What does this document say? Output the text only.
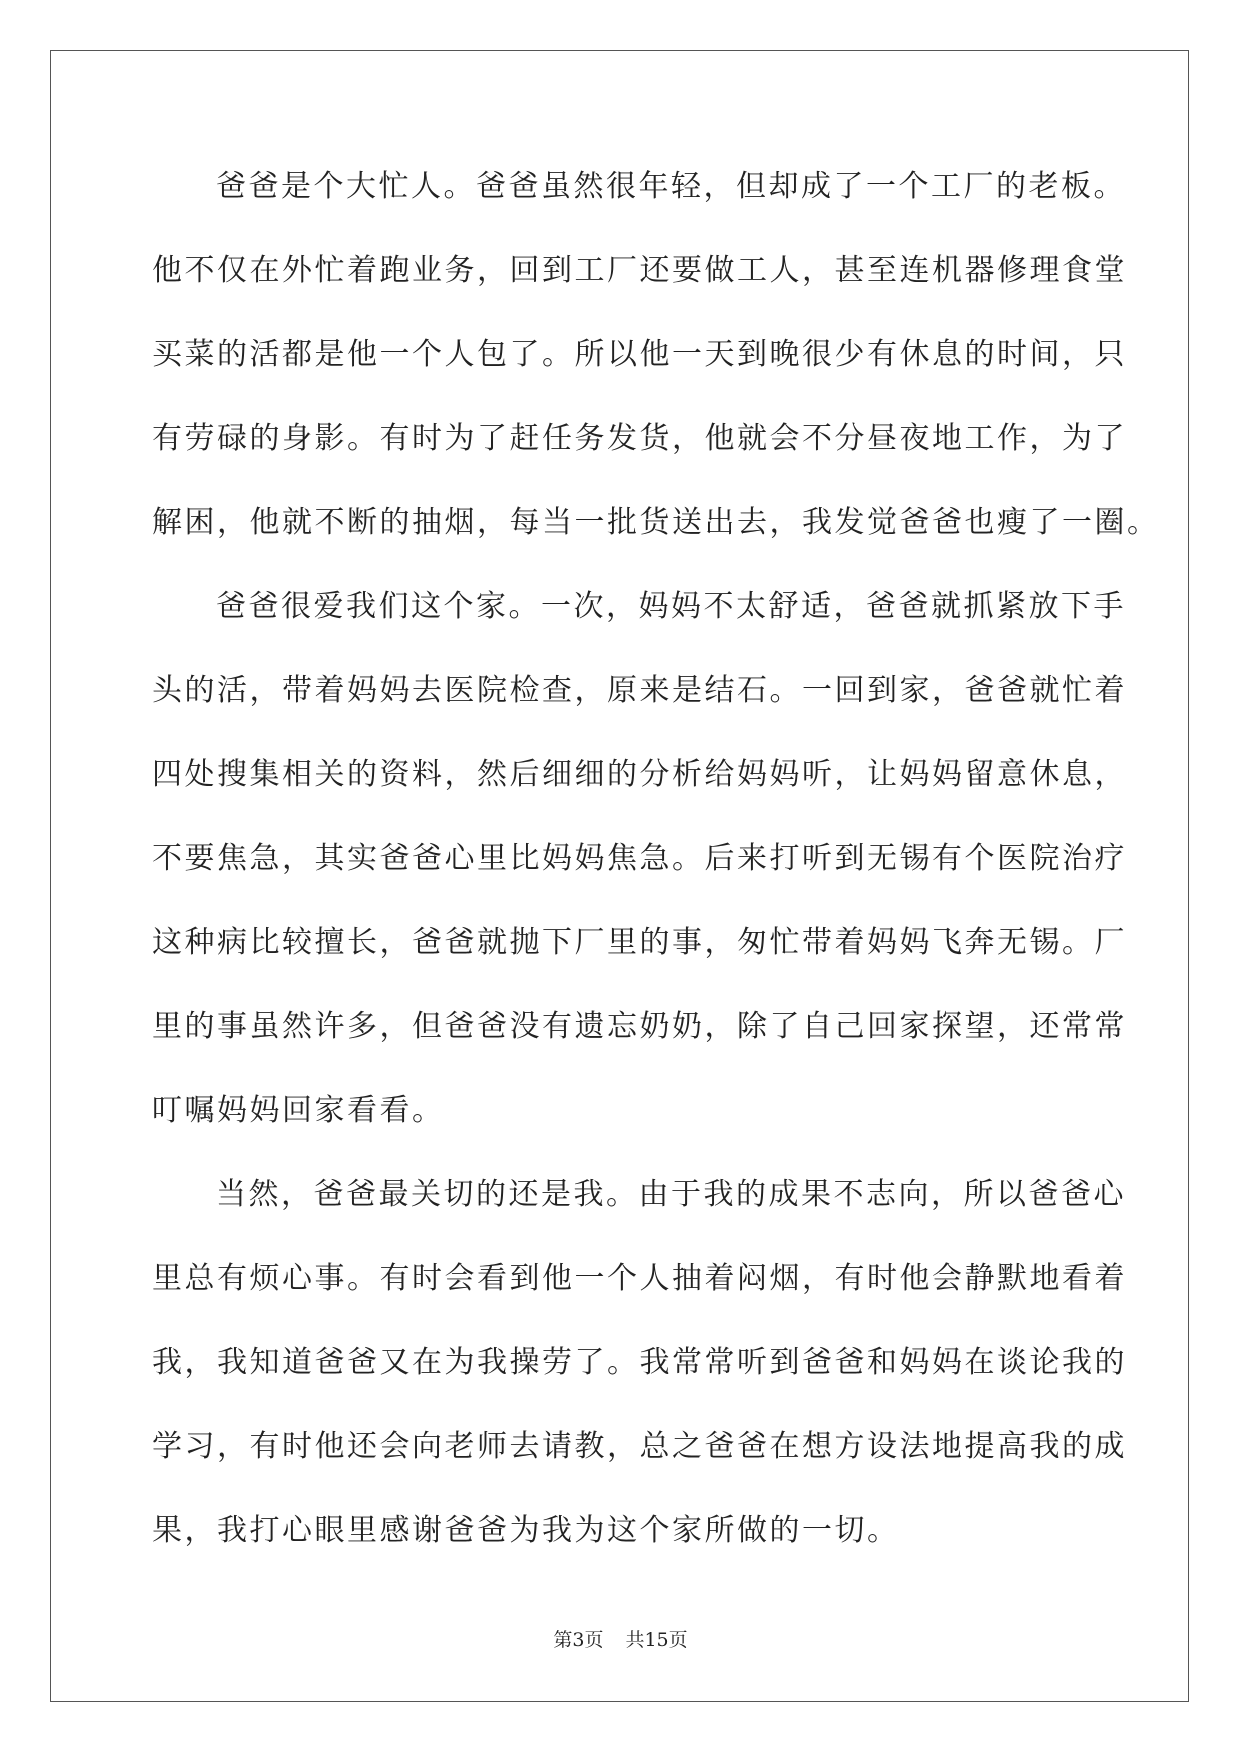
爸爸是个大忙人。爸爸虽然很年轻，但却成了一个工厂的老板。
他不仅在外忙着跑业务，回到工厂还要做工人，甚至连机器修理食堂
买菜的活都是他一个人包了。所以他一天到晚很少有休息的时间，只
有劳碌的身影。有时为了赶任务发货，他就会不分昼夜地工作，为了
解困，他就不断的抽烟，每当一批货送出去，我发觉爸爸也瘦了一圈。
爸爸很爱我们这个家。一次，妈妈不太舒适，爸爸就抓紧放下手
头的活，带着妈妈去医院检查，原来是结石。一回到家，爸爸就忙着
四处搜集相关的资料，然后细细的分析给妈妈听，让妈妈留意休息，
不要焦急，其实爸爸心里比妈妈焦急。后来打听到无锡有个医院治疗
这种病比较擅长，爸爸就抛下厂里的事，匆忙带着妈妈飞奔无锡。厂
里的事虽然许多，但爸爸没有遗忘奶奶，除了自己回家探望，还常常
叮嘱妈妈回家看看。
当然，爸爸最关切的还是我。由于我的成果不志向，所以爸爸心
里总有烦心事。有时会看到他一个人抽着闷烟，有时他会静默地看着
我，我知道爸爸又在为我操劳了。我常常听到爸爸和妈妈在谈论我的
学习，有时他还会向老师去请教，总之爸爸在想方设法地提高我的成
果，我打心眼里感谢爸爸为我为这个家所做的一切。
第3页 共15页
